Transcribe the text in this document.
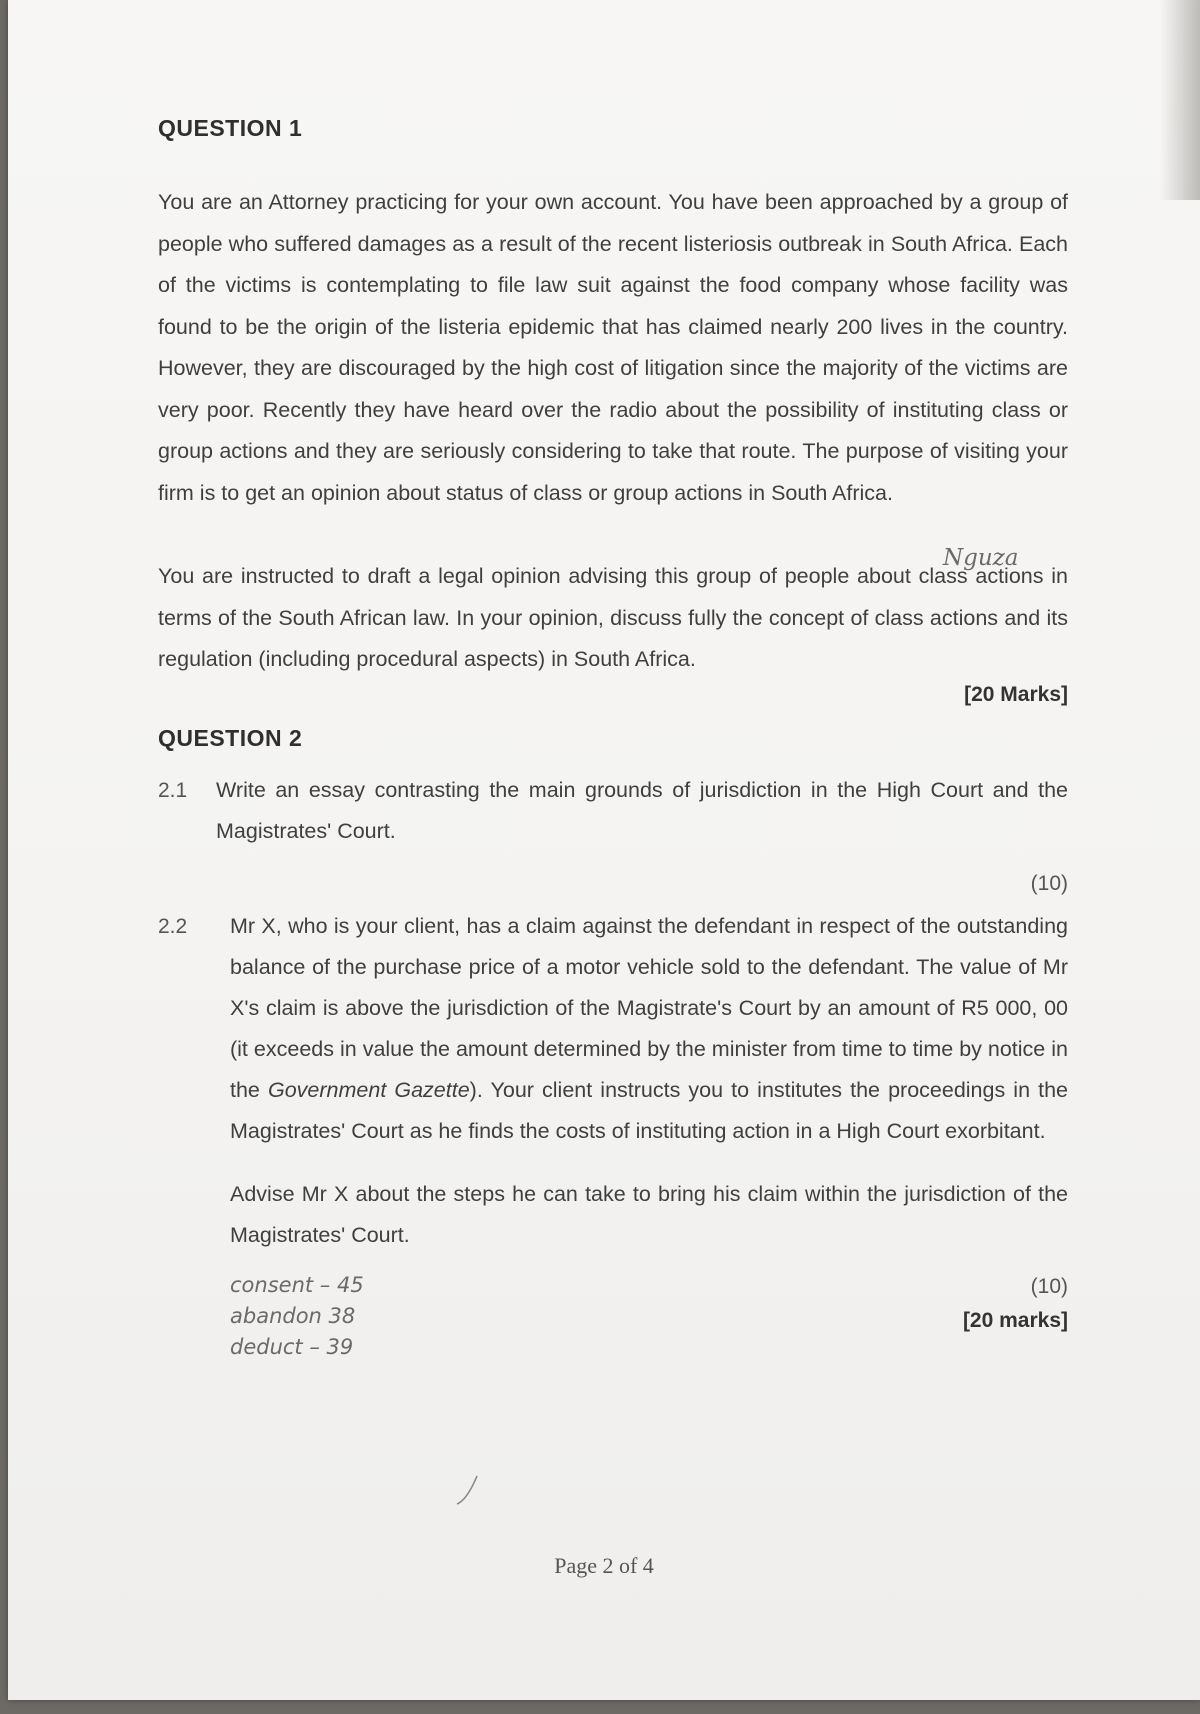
QUESTION 1

You are an Attorney practicing for your own account. You have been approached by a group of people who suffered damages as a result of the recent listeriosis outbreak in South Africa. Each of the victims is contemplating to file law suit against the food company whose facility was found to be the origin of the listeria epidemic that has claimed nearly 200 lives in the country. However, they are discouraged by the high cost of litigation since the majority of the victims are very poor. Recently they have heard over the radio about the possibility of instituting class or group actions and they are seriously considering to take that route. The purpose of visiting your firm is to get an opinion about status of class or group actions in South Africa.

You are instructed to draft a legal opinion advising this group of people about class actions in terms of the South African law. In your opinion, discuss fully the concept of class actions and its regulation (including procedural aspects) in South Africa.

[20 Marks]

QUESTION 2

2.1	Write an essay contrasting the main grounds of jurisdiction in the High Court and the Magistrates' Court.

(10)

2.2	Mr X, who is your client, has a claim against the defendant in respect of the outstanding balance of the purchase price of a motor vehicle sold to the defendant. The value of Mr X's claim is above the jurisdiction of the Magistrate's Court by an amount of R5 000, 00 (it exceeds in value the amount determined by the minister from time to time by notice in the Government Gazette). Your client instructs you to institutes the proceedings in the Magistrates' Court as he finds the costs of instituting action in a High Court exorbitant.
Advise Mr X about the steps he can take to bring his claim within the jurisdiction of the Magistrates' Court.
consent – 45
abandon 38
deduct – 39
(10)
[20 marks]
Nguza
Page 2 of 4
